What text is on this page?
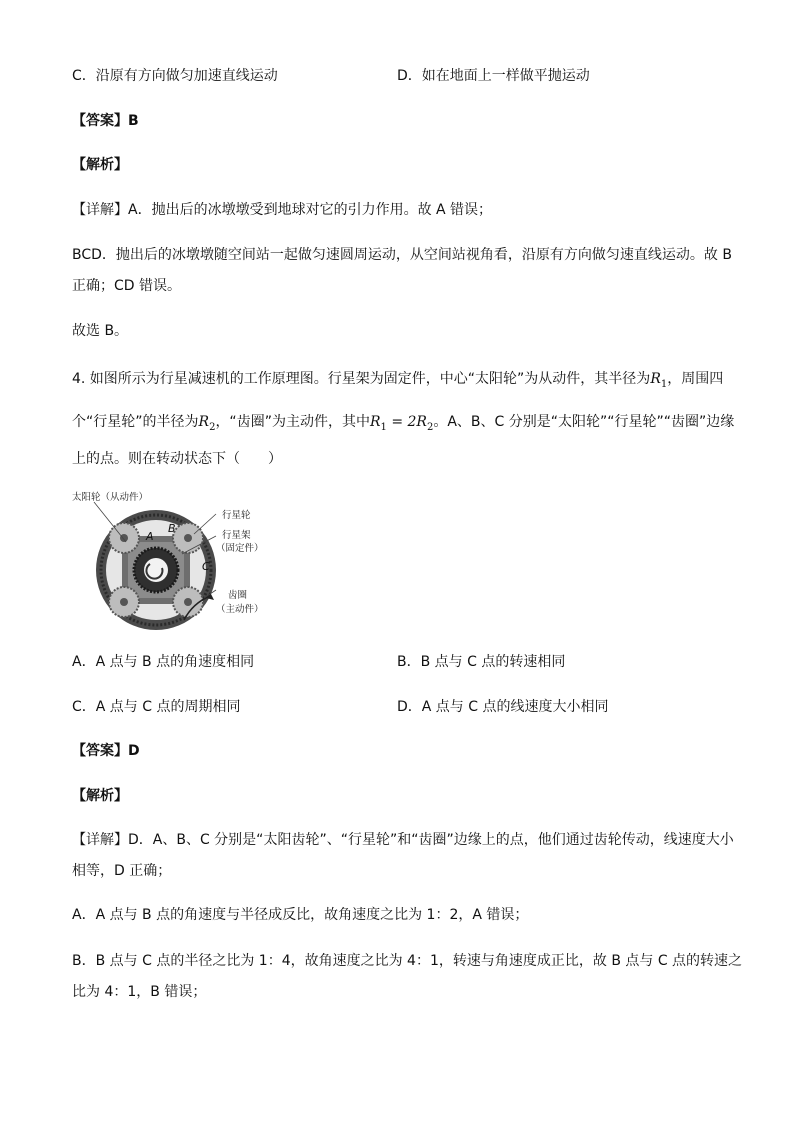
C．沿原有方向做匀加速直线运动	D．如在地面上一样做平抛运动
【答案】B
【解析】
【详解】A．抛出后的冰墩墩受到地球对它的引力作用。故 A 错误；
BCD．抛出后的冰墩墩随空间站一起做匀速圆周运动，从空间站视角看，沿原有方向做匀速直线运动。故 B
正确；CD 错误。
故选 B。
4. 如图所示为行星减速机的工作原理图。行星架为固定件，中心“太阳轮”为从动件，其半径为$R_1$，周围四
个“行星轮”的半径为$R_2$，“齿圈”为主动件，其中$R_1 = 2R_2$。A、B、C 分别是“太阳轮”“行星轮”“齿圈”边缘
上的点。则在转动状态下（　　）
A
B
C
太阳轮（从动件）
行星轮
行星架
（固定件）
齿圈
（主动件）
A．A 点与 B 点的角速度相同	B．B 点与 C 点的转速相同
C．A 点与 C 点的周期相同	D．A 点与 C 点的线速度大小相同
【答案】D
【解析】
【详解】D．A、B、C 分别是“太阳齿轮”、“行星轮”和“齿圈”边缘上的点，他们通过齿轮传动，线速度大小
相等，D 正确；
A．A 点与 B 点的角速度与半径成反比，故角速度之比为 1：2，A 错误；
B．B 点与 C 点的半径之比为 1：4，故角速度之比为 4：1，转速与角速度成正比，故 B 点与 C 点的转速之
比为 4：1，B 错误；
